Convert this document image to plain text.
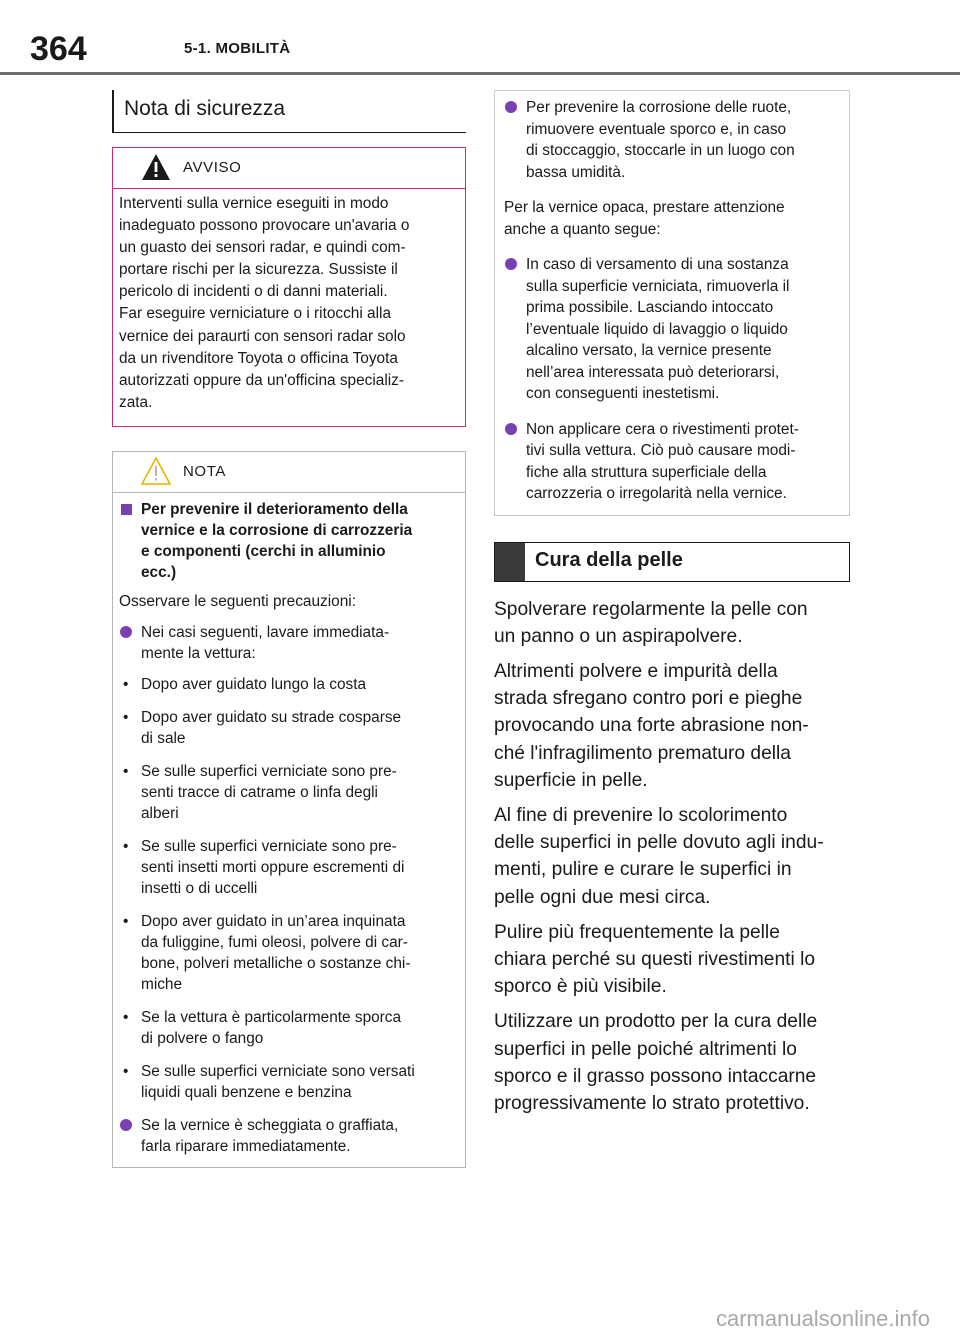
364	5-1. MOBILITÀ
Nota di sicurezza
AVVISO
Interventi sulla vernice eseguiti in modo
inadeguato possono provocare un'avaria o
un guasto dei sensori radar, e quindi com-
portare rischi per la sicurezza. Sussiste il
pericolo di incidenti o di danni materiali.
Far eseguire verniciature o i ritocchi alla
vernice dei paraurti con sensori radar solo
da un rivenditore Toyota o officina Toyota
autorizzati oppure da un'officina specializ-
zata.
NOTA
Per prevenire il deterioramento della
vernice e la corrosione di carrozzeria
e componenti (cerchi in alluminio
ecc.)
Osservare le seguenti precauzioni:
Nei casi seguenti, lavare immediata-
mente la vettura:
• Dopo aver guidato lungo la costa
• Dopo aver guidato su strade cosparse
di sale
• Se sulle superfici verniciate sono pre-
senti tracce di catrame o linfa degli
alberi
• Se sulle superfici verniciate sono pre-
senti insetti morti oppure escrementi di
insetti o di uccelli
• Dopo aver guidato in un’area inquinata
da fuliggine, fumi oleosi, polvere di car-
bone, polveri metalliche o sostanze chi-
miche
• Se la vettura è particolarmente sporca
di polvere o fango
• Se sulle superfici verniciate sono versati
liquidi quali benzene e benzina
Se la vernice è scheggiata o graffiata,
farla riparare immediatamente.
Per prevenire la corrosione delle ruote,
rimuovere eventuale sporco e, in caso
di stoccaggio, stoccarle in un luogo con
bassa umidità.
Per la vernice opaca, prestare attenzione
anche a quanto segue:
In caso di versamento di una sostanza
sulla superficie verniciata, rimuoverla il
prima possibile. Lasciando intoccato
l’eventuale liquido di lavaggio o liquido
alcalino versato, la vernice presente
nell’area interessata può deteriorarsi,
con conseguenti inestetismi.
Non applicare cera o rivestimenti protet-
tivi sulla vettura. Ciò può causare modi-
fiche alla struttura superficiale della
carrozzeria o irregolarità nella vernice.
Cura della pelle

Spolverare regolarmente la pelle con
un panno o un aspirapolvere.

Altrimenti polvere e impurità della
strada sfregano contro pori e pieghe
provocando una forte abrasione non-
ché l'infragilimento prematuro della
superficie in pelle.

Al fine di prevenire lo scolorimento
delle superfici in pelle dovuto agli indu-
menti, pulire e curare le superfici in
pelle ogni due mesi circa.

Pulire più frequentemente la pelle
chiara perché su questi rivestimenti lo
sporco è più visibile.

Utilizzare un prodotto per la cura delle
superfici in pelle poiché altrimenti lo
sporco e il grasso possono intaccarne
progressivamente lo strato protettivo.

carmanualsonline.info
